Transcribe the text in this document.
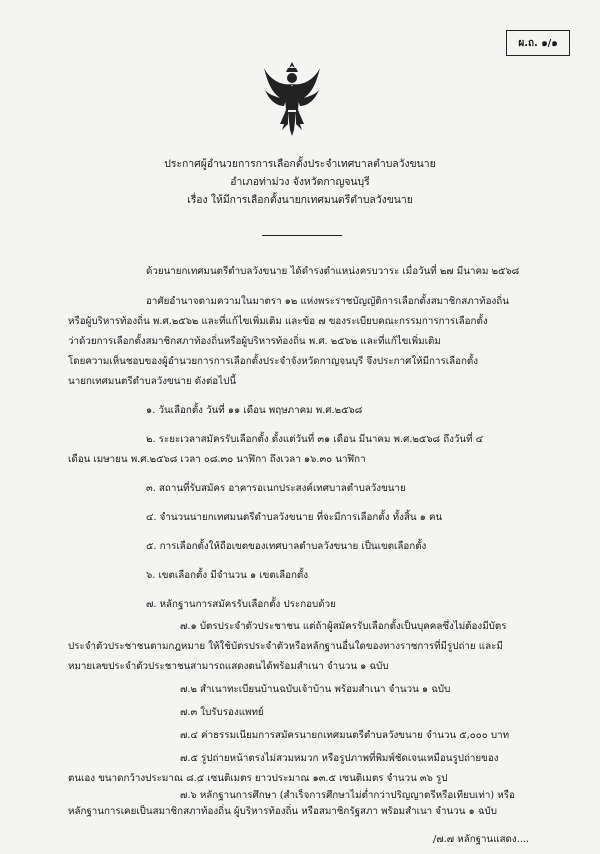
ผ.ถ. ๑/๑
ประกาศผู้อำนวยการการเลือกตั้งประจำเทศบาลตำบลวังขนาย
อำเภอท่าม่วง จังหวัดกาญจนบุรี
เรื่อง ให้มีการเลือกตั้งนายกเทศมนตรีตำบลวังขนาย
ด้วยนายกเทศมนตรีตำบลวังขนาย ได้ดำรงตำแหน่งครบวาระ เมื่อวันที่ ๒๗ มีนาคม ๒๕๖๘
อาศัยอำนาจตามความในมาตรา ๑๒ แห่งพระราชบัญญัติการเลือกตั้งสมาชิกสภาท้องถิ่น
หรือผู้บริหารท้องถิ่น พ.ศ.๒๕๖๒ และที่แก้ไขเพิ่มเติม และข้อ ๗ ของระเบียบคณะกรรมการการเลือกตั้ง
ว่าด้วยการเลือกตั้งสมาชิกสภาท้องถิ่นหรือผู้บริหารท้องถิ่น พ.ศ. ๒๕๖๒ และที่แก้ไขเพิ่มเติม
โดยความเห็นชอบของผู้อำนวยการการเลือกตั้งประจำจังหวัดกาญจนบุรี จึงประกาศให้มีการเลือกตั้ง
นายกเทศมนตรีตำบลวังขนาย ดังต่อไปนี้
๑. วันเลือกตั้ง วันที่ ๑๑ เดือน พฤษภาคม พ.ศ.๒๕๖๘
๒. ระยะเวลาสมัครรับเลือกตั้ง ตั้งแต่วันที่ ๓๑ เดือน มีนาคม พ.ศ.๒๕๖๘ ถึงวันที่ ๔
เดือน เมษายน พ.ศ.๒๕๖๘ เวลา ๐๘.๓๐ นาฬิกา ถึงเวลา ๑๖.๓๐ นาฬิกา
๓. สถานที่รับสมัคร อาคารอเนกประสงค์เทศบาลตำบลวังขนาย
๔. จำนวนนายกเทศมนตรีตำบลวังขนาย ที่จะมีการเลือกตั้ง ทั้งสิ้น ๑ คน
๕. การเลือกตั้งให้ถือเขตของเทศบาลตำบลวังขนาย เป็นเขตเลือกตั้ง
๖. เขตเลือกตั้ง มีจำนวน ๑ เขตเลือกตั้ง
๗. หลักฐานการสมัครรับเลือกตั้ง ประกอบด้วย
๗.๑ บัตรประจำตัวประชาชน แต่ถ้าผู้สมัครรับเลือกตั้งเป็นบุคคลซึ่งไม่ต้องมีบัตร
ประจำตัวประชาชนตามกฎหมาย ให้ใช้บัตรประจำตัวหรือหลักฐานอื่นใดของทางราชการที่มีรูปถ่าย และมี
หมายเลขประจำตัวประชาชนสามารถแสดงตนได้พร้อมสำเนา จำนวน ๑ ฉบับ
๗.๒ สำเนาทะเบียนบ้านฉบับเจ้าบ้าน พร้อมสำเนา จำนวน ๑ ฉบับ
๗.๓ ใบรับรองแพทย์
๗.๔ ค่าธรรมเนียมการสมัครนายกเทศมนตรีตำบลวังขนาย จำนวน ๕,๐๐๐ บาท
๗.๕ รูปถ่ายหน้าตรงไม่สวมหมวก หรือรูปภาพที่พิมพ์ชัดเจนเหมือนรูปถ่ายของ
ตนเอง ขนาดกว้างประมาณ ๘.๕ เซนติเมตร ยาวประมาณ ๑๓.๕ เซนติเมตร จำนวน ๓๖ รูป
๗.๖ หลักฐานการศึกษา (สำเร็จการศึกษาไม่ต่ำกว่าปริญญาตรีหรือเทียบเท่า) หรือ
หลักฐานการเคยเป็นสมาชิกสภาท้องถิ่น ผู้บริหารท้องถิ่น หรือสมาชิกรัฐสภา พร้อมสำเนา จำนวน ๑ ฉบับ
/๗.๗ หลักฐานแสดง....
